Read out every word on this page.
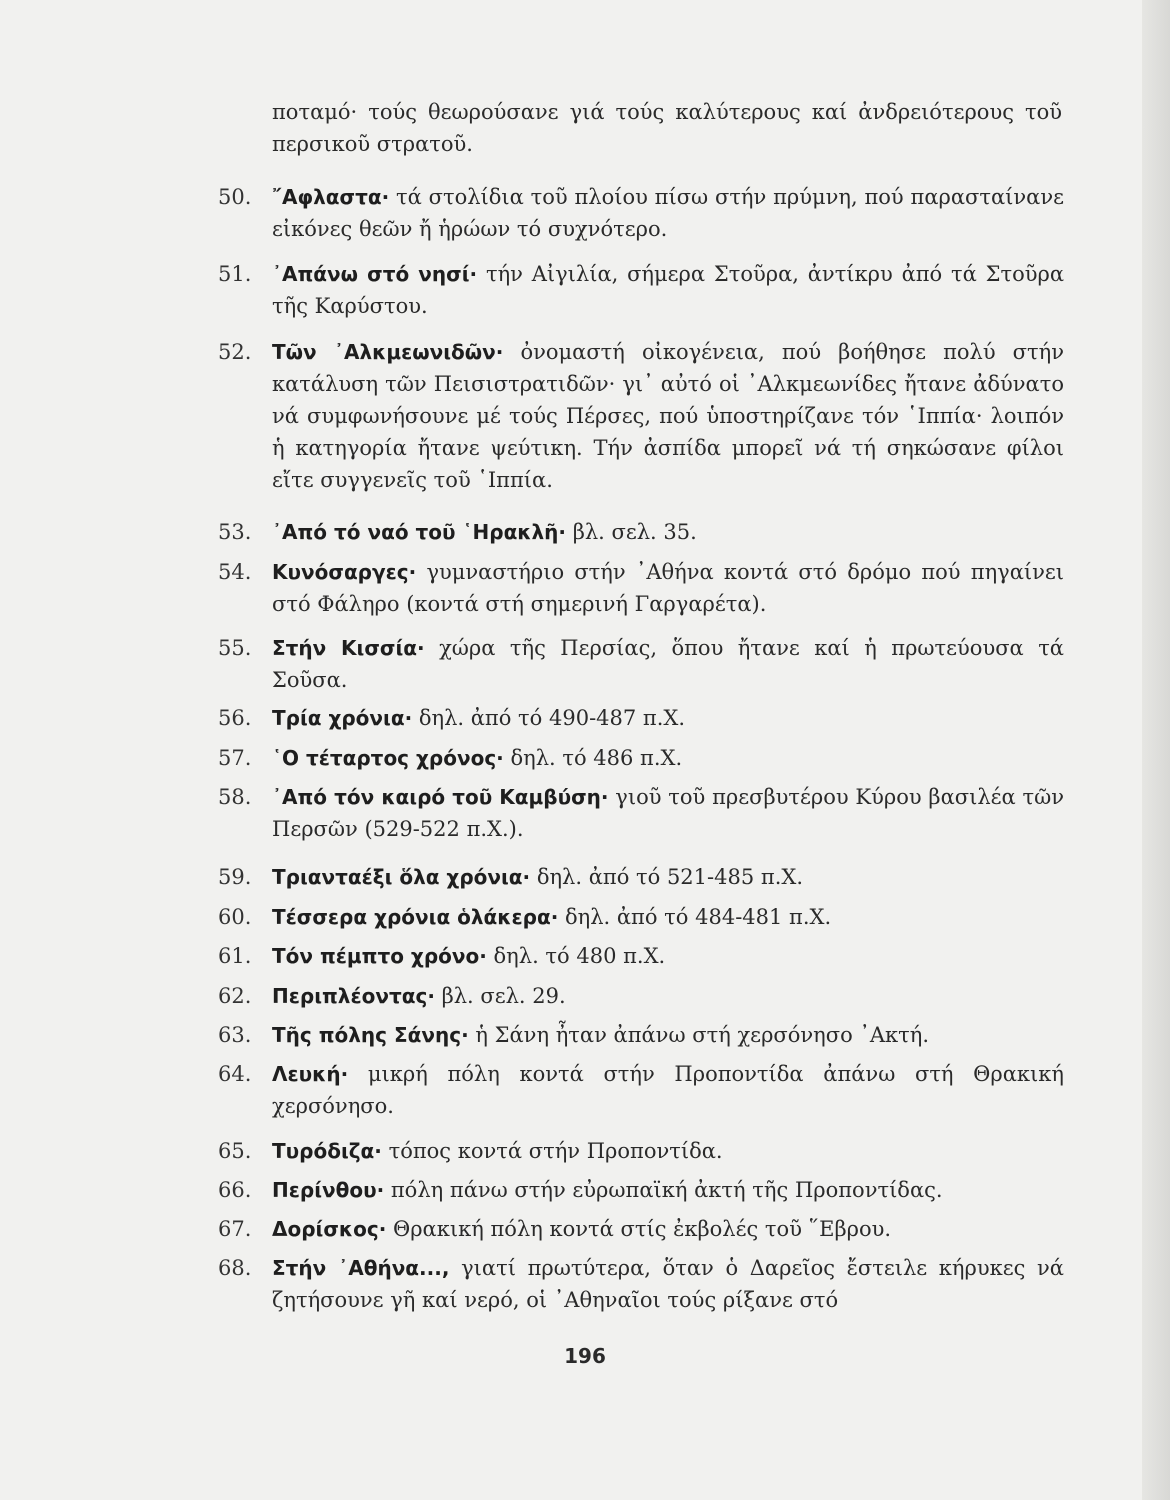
ποταμό· τούς θεωρούσανε γιά τούς καλύτερους καί ἀνδρειότερους τοῦ περσικοῦ στρατοῦ.
50.	῎Αφλαστα· τά στολίδια τοῦ πλοίου πίσω στήν πρύμνη, πού παρασταίνανε εἰκόνες θεῶν ἤ ἡρώων τό συχνότερο.
51.	᾿Απάνω στό νησί· τήν Αἰγιλία, σήμερα Στοῦρα, ἀντίκρυ ἀπό τά Στοῦρα τῆς Καρύστου.
52.	Τῶν ᾿Αλκμεωνιδῶν· ὀνομαστή οἰκογένεια, πού βοήθησε πολύ στήν κατάλυση τῶν Πεισιστρατιδῶν· γι᾿ αὐτό οἱ ᾿Αλκμεωνίδες ἤτανε ἀδύνατο νά συμφωνήσουνε μέ τούς Πέρσες, πού ὑποστηρίζανε τόν ῾Ιππία· λοιπόν ἡ κατηγορία ἤτανε ψεύτικη. Τήν ἀσπίδα μπορεῖ νά τή σηκώσανε φίλοι εἴτε συγγενεῖς τοῦ ῾Ιππία.
53.	᾿Από τό ναό τοῦ ῾Ηρακλῆ· βλ. σελ. 35.
54.	Κυνόσαργες· γυμναστήριο στήν ᾿Αθήνα κοντά στό δρόμο πού πηγαίνει στό Φάληρο (κοντά στή σημερινή Γαργαρέτα).
55.	Στήν Κισσία· χώρα τῆς Περσίας, ὅπου ἤτανε καί ἡ πρωτεύουσα τά Σοῦσα.
56.	Τρία χρόνια· δηλ. ἀπό τό 490-487 π.Χ.
57.	῾Ο τέταρτος χρόνος· δηλ. τό 486 π.Χ.
58.	᾿Από τόν καιρό τοῦ Καμβύση· γιοῦ τοῦ πρεσβυτέρου Κύρου βασιλέα τῶν Περσῶν (529-522 π.Χ.).
59.	Τριανταέξι ὅλα χρόνια· δηλ. ἀπό τό 521-485 π.Χ.
60.	Τέσσερα χρόνια ὁλάκερα· δηλ. ἀπό τό 484-481 π.Χ.
61.	Τόν πέμπτο χρόνο· δηλ. τό 480 π.Χ.
62.	Περιπλέοντας· βλ. σελ. 29.
63.	Τῆς πόλης Σάνης· ἡ Σάνη ἦταν ἀπάνω στή χερσόνησο ᾿Ακτή.
64.	Λευκή· μικρή πόλη κοντά στήν Προποντίδα ἀπάνω στή Θρακική χερσόνησο.
65.	Τυρόδιζα· τόπος κοντά στήν Προποντίδα.
66.	Περίνθου· πόλη πάνω στήν εὐρωπαϊκή ἀκτή τῆς Προποντίδας.
67.	Δορίσκος· Θρακική πόλη κοντά στίς ἐκβολές τοῦ ῞Εβρου.
68.	Στήν ᾿Αθήνα..., γιατί πρωτύτερα, ὅταν ὁ Δαρεῖος ἔστειλε κήρυκες νά ζητήσουνε γῆ καί νερό, οἱ ᾿Αθηναῖοι τούς ρίξανε στό
196
